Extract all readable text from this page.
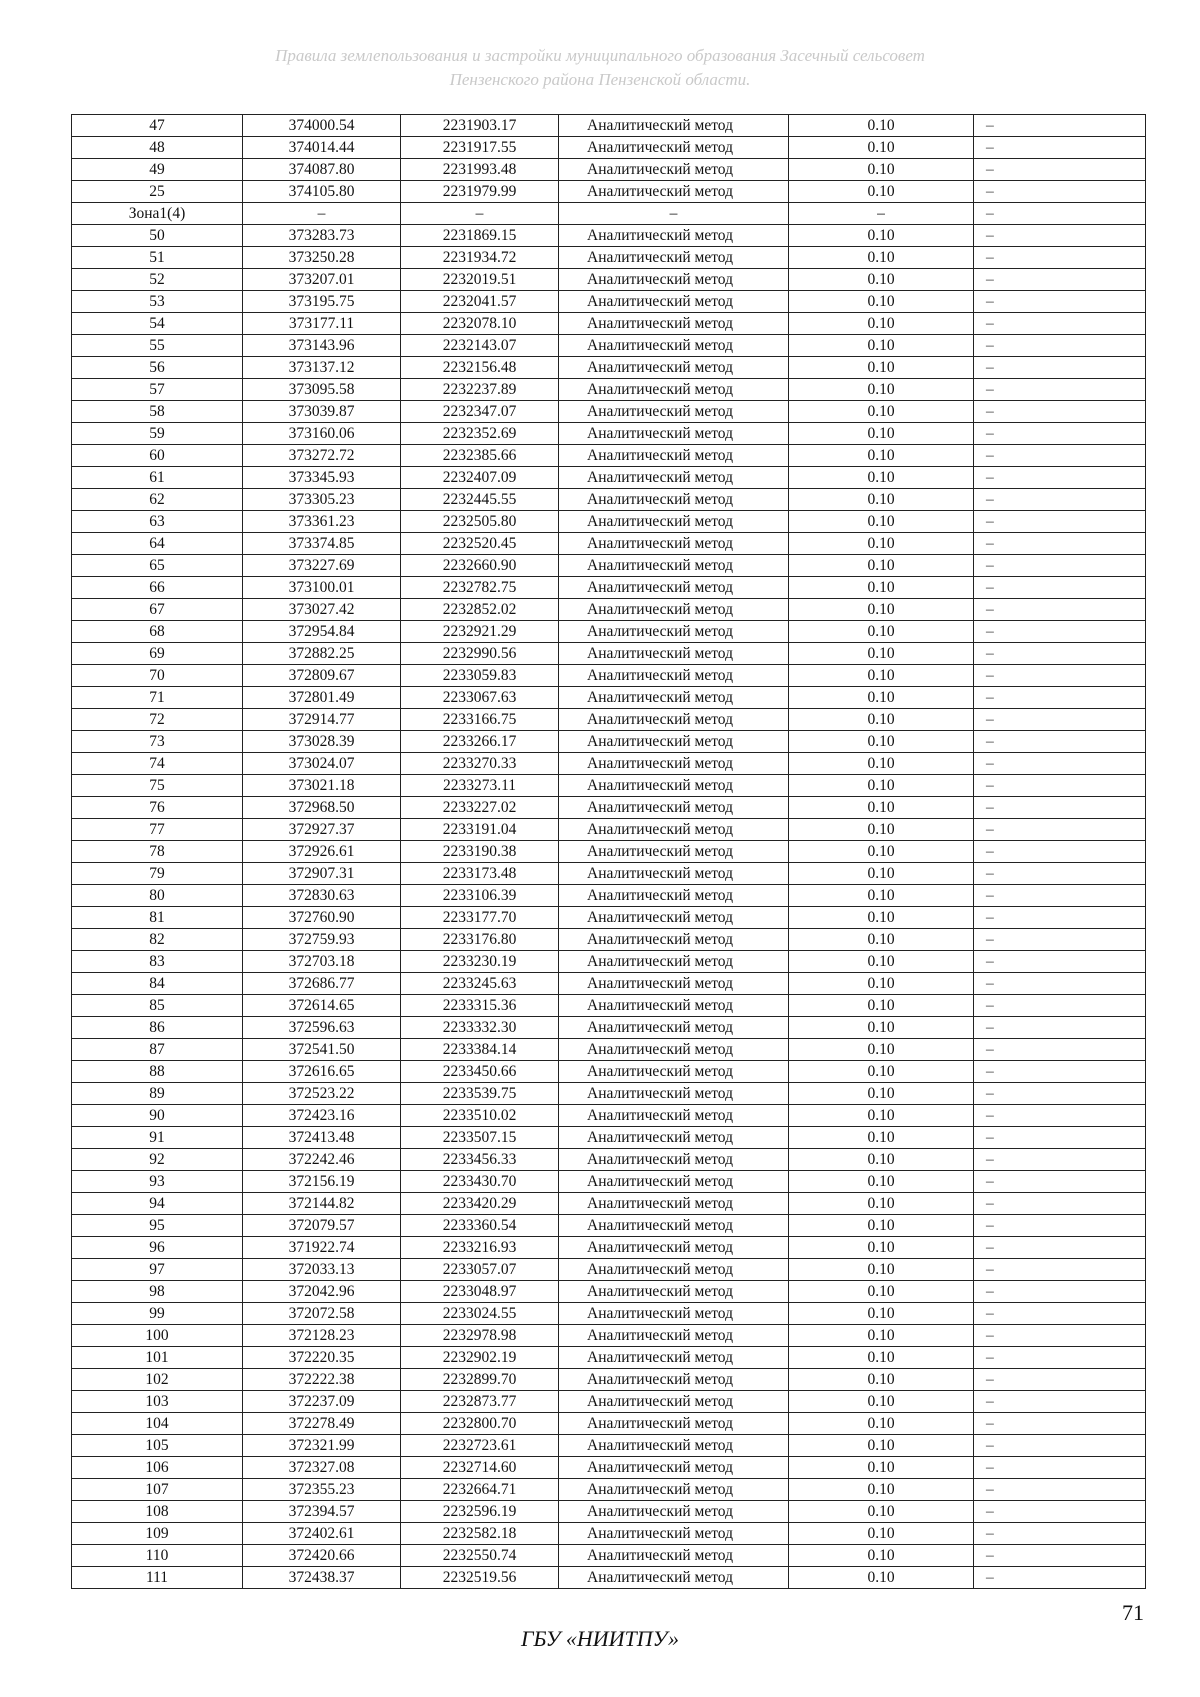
Правила землепользования и застройки муниципального образования Засечный сельсовет
Пензенского района Пензенской области.
47	374000.54	2231903.17	Аналитический метод	0.10	–
48	374014.44	2231917.55	Аналитический метод	0.10	–
49	374087.80	2231993.48	Аналитический метод	0.10	–
25	374105.80	2231979.99	Аналитический метод	0.10	–
Зона1(4)	–	–	–	–	–
50	373283.73	2231869.15	Аналитический метод	0.10	–
51	373250.28	2231934.72	Аналитический метод	0.10	–
52	373207.01	2232019.51	Аналитический метод	0.10	–
53	373195.75	2232041.57	Аналитический метод	0.10	–
54	373177.11	2232078.10	Аналитический метод	0.10	–
55	373143.96	2232143.07	Аналитический метод	0.10	–
56	373137.12	2232156.48	Аналитический метод	0.10	–
57	373095.58	2232237.89	Аналитический метод	0.10	–
58	373039.87	2232347.07	Аналитический метод	0.10	–
59	373160.06	2232352.69	Аналитический метод	0.10	–
60	373272.72	2232385.66	Аналитический метод	0.10	–
61	373345.93	2232407.09	Аналитический метод	0.10	–
62	373305.23	2232445.55	Аналитический метод	0.10	–
63	373361.23	2232505.80	Аналитический метод	0.10	–
64	373374.85	2232520.45	Аналитический метод	0.10	–
65	373227.69	2232660.90	Аналитический метод	0.10	–
66	373100.01	2232782.75	Аналитический метод	0.10	–
67	373027.42	2232852.02	Аналитический метод	0.10	–
68	372954.84	2232921.29	Аналитический метод	0.10	–
69	372882.25	2232990.56	Аналитический метод	0.10	–
70	372809.67	2233059.83	Аналитический метод	0.10	–
71	372801.49	2233067.63	Аналитический метод	0.10	–
72	372914.77	2233166.75	Аналитический метод	0.10	–
73	373028.39	2233266.17	Аналитический метод	0.10	–
74	373024.07	2233270.33	Аналитический метод	0.10	–
75	373021.18	2233273.11	Аналитический метод	0.10	–
76	372968.50	2233227.02	Аналитический метод	0.10	–
77	372927.37	2233191.04	Аналитический метод	0.10	–
78	372926.61	2233190.38	Аналитический метод	0.10	–
79	372907.31	2233173.48	Аналитический метод	0.10	–
80	372830.63	2233106.39	Аналитический метод	0.10	–
81	372760.90	2233177.70	Аналитический метод	0.10	–
82	372759.93	2233176.80	Аналитический метод	0.10	–
83	372703.18	2233230.19	Аналитический метод	0.10	–
84	372686.77	2233245.63	Аналитический метод	0.10	–
85	372614.65	2233315.36	Аналитический метод	0.10	–
86	372596.63	2233332.30	Аналитический метод	0.10	–
87	372541.50	2233384.14	Аналитический метод	0.10	–
88	372616.65	2233450.66	Аналитический метод	0.10	–
89	372523.22	2233539.75	Аналитический метод	0.10	–
90	372423.16	2233510.02	Аналитический метод	0.10	–
91	372413.48	2233507.15	Аналитический метод	0.10	–
92	372242.46	2233456.33	Аналитический метод	0.10	–
93	372156.19	2233430.70	Аналитический метод	0.10	–
94	372144.82	2233420.29	Аналитический метод	0.10	–
95	372079.57	2233360.54	Аналитический метод	0.10	–
96	371922.74	2233216.93	Аналитический метод	0.10	–
97	372033.13	2233057.07	Аналитический метод	0.10	–
98	372042.96	2233048.97	Аналитический метод	0.10	–
99	372072.58	2233024.55	Аналитический метод	0.10	–
100	372128.23	2232978.98	Аналитический метод	0.10	–
101	372220.35	2232902.19	Аналитический метод	0.10	–
102	372222.38	2232899.70	Аналитический метод	0.10	–
103	372237.09	2232873.77	Аналитический метод	0.10	–
104	372278.49	2232800.70	Аналитический метод	0.10	–
105	372321.99	2232723.61	Аналитический метод	0.10	–
106	372327.08	2232714.60	Аналитический метод	0.10	–
107	372355.23	2232664.71	Аналитический метод	0.10	–
108	372394.57	2232596.19	Аналитический метод	0.10	–
109	372402.61	2232582.18	Аналитический метод	0.10	–
110	372420.66	2232550.74	Аналитический метод	0.10	–
111	372438.37	2232519.56	Аналитический метод	0.10	–
71
ГБУ «НИИТПУ»
